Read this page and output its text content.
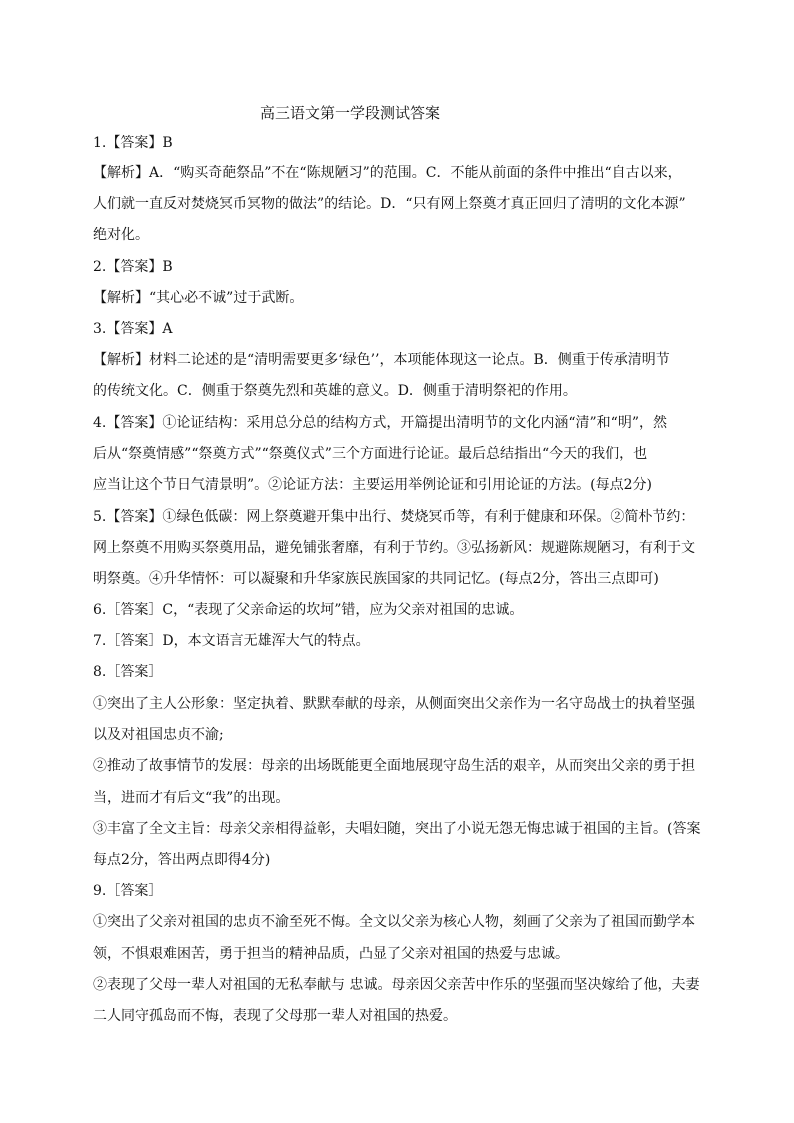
高三语文第一学段测试答案
1.【答案】B
【解析】A．“购买奇葩祭品”不在“陈规陋习”的范围。C．不能从前面的条件中推出“自古以来，
人们就一直反对焚烧冥币冥物的做法”的结论。D．“只有网上祭奠才真正回归了清明的文化本源”
绝对化。
2.【答案】B
【解析】“其心必不诚”过于武断。
3.【答案】A
【解析】材料二论述的是“清明需要更多‘绿色’’，本项能体现这一论点。B．侧重于传承清明节
的传统文化。C．侧重于祭奠先烈和英雄的意义。D．侧重于清明祭祀的作用。
4.【答案】①论证结构：采用总分总的结构方式，开篇提出清明节的文化内涵“清”和“明”，然
后从“祭奠情感”“祭奠方式”“祭奠仪式”三个方面进行论证。最后总结指出“今天的我们，也
应当让这个节日气清景明”。②论证方法：主要运用举例论证和引用论证的方法。(每点2分)
5.【答案】①绿色低碳：网上祭奠避开集中出行、焚烧冥币等，有利于健康和环保。②简朴节约：
网上祭奠不用购买祭奠用品，避免铺张奢靡，有利于节约。③弘扬新风：规避陈规陋习，有利于文
明祭奠。④升华情怀：可以凝聚和升华家族民族国家的共同记忆。(每点2分，答出三点即可)
6.［答案］C，“表现了父亲命运的坎坷”错，应为父亲对祖国的忠诚。
7.［答案］D，本文语言无雄浑大气的特点。
8.［答案］
①突出了主人公形象：坚定执着、默默奉献的母亲，从侧面突出父亲作为一名守岛战士的执着坚强
以及对祖国忠贞不渝;
②推动了故事情节的发展：母亲的出场既能更全面地展现守岛生活的艰辛，从而突出父亲的勇于担
当，进而才有后文“我”的出现。
③丰富了全文主旨：母亲父亲相得益彰，夫唱妇随，突出了小说无怨无悔忠诚于祖国的主旨。(答案
每点2分，答出两点即得4分)
9.［答案］
①突出了父亲对祖国的忠贞不渝至死不悔。全文以父亲为核心人物，刻画了父亲为了祖国而勤学本
领，不惧艰难困苦，勇于担当的精神品质，凸显了父亲对祖国的热爱与忠诚。
②表现了父母一辈人对祖国的无私奉献与 忠诚。母亲因父亲苦中作乐的坚强而坚决嫁给了他，夫妻
二人同守孤岛而不悔，表现了父母那一辈人对祖国的热爱。
